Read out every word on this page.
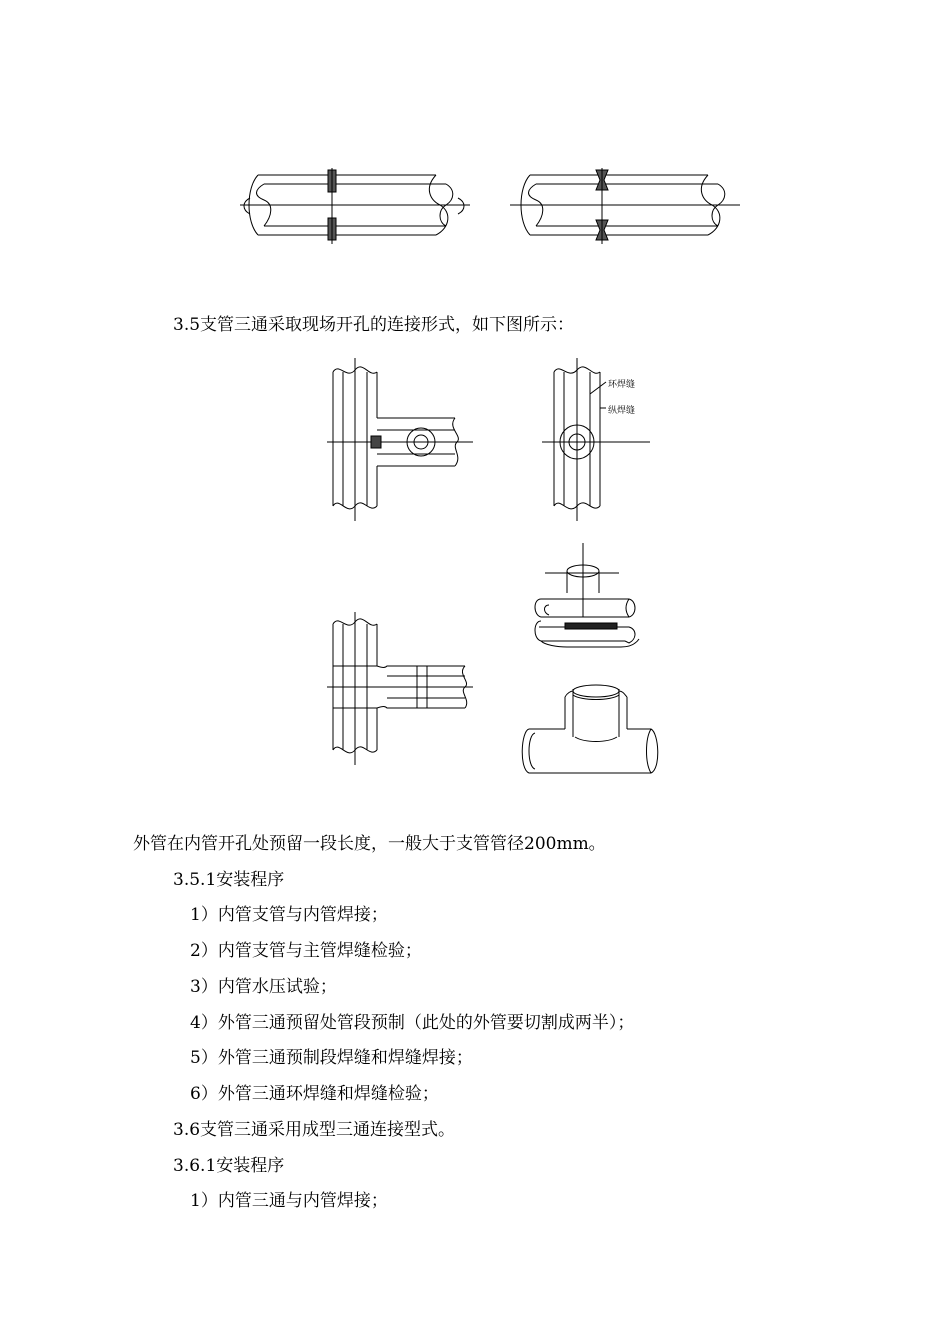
环焊缝
纵焊缝
3.5支管三通采取现场开孔的连接形式，如下图所示：
外管在内管开孔处预留一段长度，一般大于支管管径200mm。
3.5.1安装程序
1）内管支管与内管焊接；
2）内管支管与主管焊缝检验；
3）内管水压试验；
4）外管三通预留处管段预制（此处的外管要切割成两半）；
5）外管三通预制段焊缝和焊缝焊接；
6）外管三通环焊缝和焊缝检验；
3.6支管三通采用成型三通连接型式。
3.6.1安装程序
1）内管三通与内管焊接；
